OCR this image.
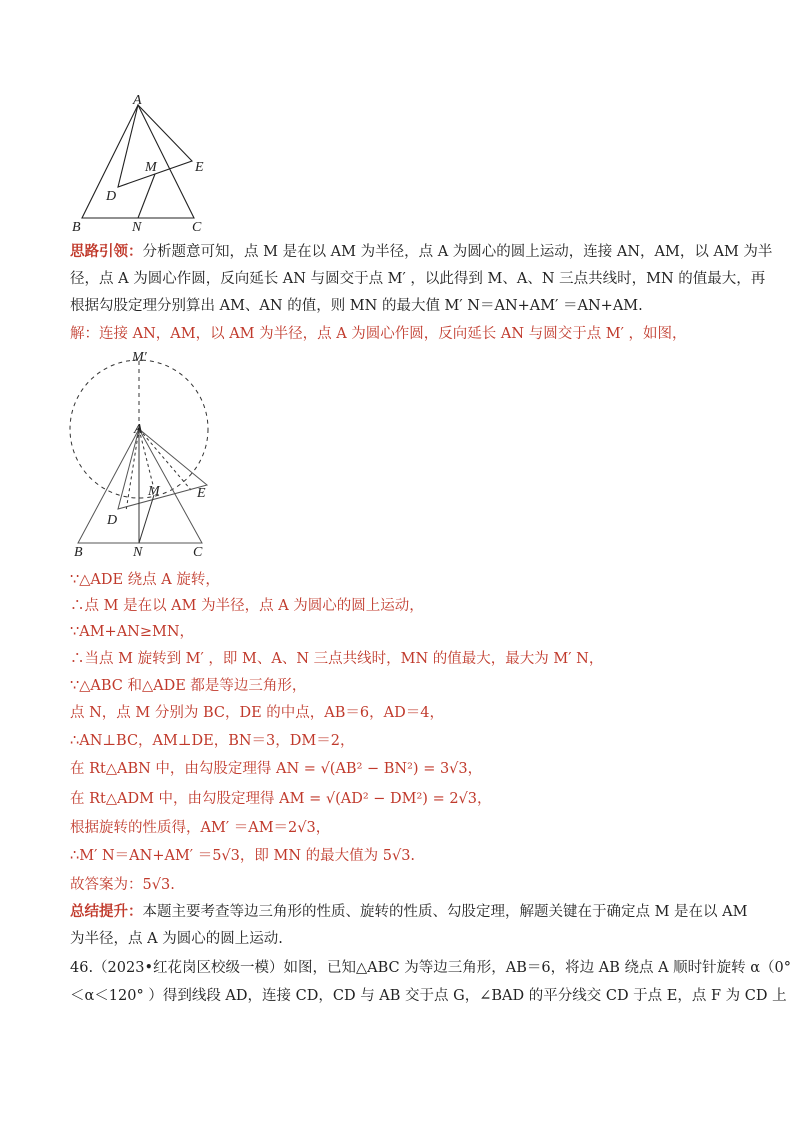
A
B	C
D
E
M
N
思路引领：分析题意可知，点 M 是在以 AM 为半径，点 A 为圆心的圆上运动，连接 AN，AM，以 AM 为半
径，点 A 为圆心作圆，反向延长 AN 与圆交于点 M′ ，以此得到 M、A、N 三点共线时，MN 的值最大，再
根据勾股定理分别算出 AM、AN 的值，则 MN 的最大值 M′ N＝AN+AM′ ＝AN+AM.
解：连接 AN，AM，以 AM 为半径，点 A 为圆心作圆，反向延长 AN 与圆交于点 M′ ，如图，
M′
A
B	C
D
E
M
N
∵△ADE 绕点 A 旋转，
∴点 M 是在以 AM 为半径，点 A 为圆心的圆上运动，
∵AM+AN≥MN，
∴当点 M 旋转到 M′ ，即 M、A、N 三点共线时，MN 的值最大，最大为 M′ N，
∵△ABC 和△ADE 都是等边三角形，
点 N，点 M 分别为 BC，DE 的中点，AB＝6，AD＝4，
∴AN⊥BC，AM⊥DE，BN＝3，DM＝2，
在 Rt△ABN 中，由勾股定理得 AN = √(AB² − BN²) = 3√3，
在 Rt△ADM 中，由勾股定理得 AM = √(AD² − DM²) = 2√3，
根据旋转的性质得，AM′ ＝AM＝2√3，
∴M′ N＝AN+AM′ ＝5√3，即 MN 的最大值为 5√3.
故答案为：5√3.
总结提升：本题主要考查等边三角形的性质、旋转的性质、勾股定理，解题关键在于确定点 M 是在以 AM
为半径，点 A 为圆心的圆上运动.
46.（2023•红花岗区校级一模）如图，已知△ABC 为等边三角形，AB＝6，将边 AB 绕点 A 顺时针旋转 α（0°
＜α＜120° ）得到线段 AD，连接 CD，CD 与 AB 交于点 G，∠BAD 的平分线交 CD 于点 E，点 F 为 CD 上
